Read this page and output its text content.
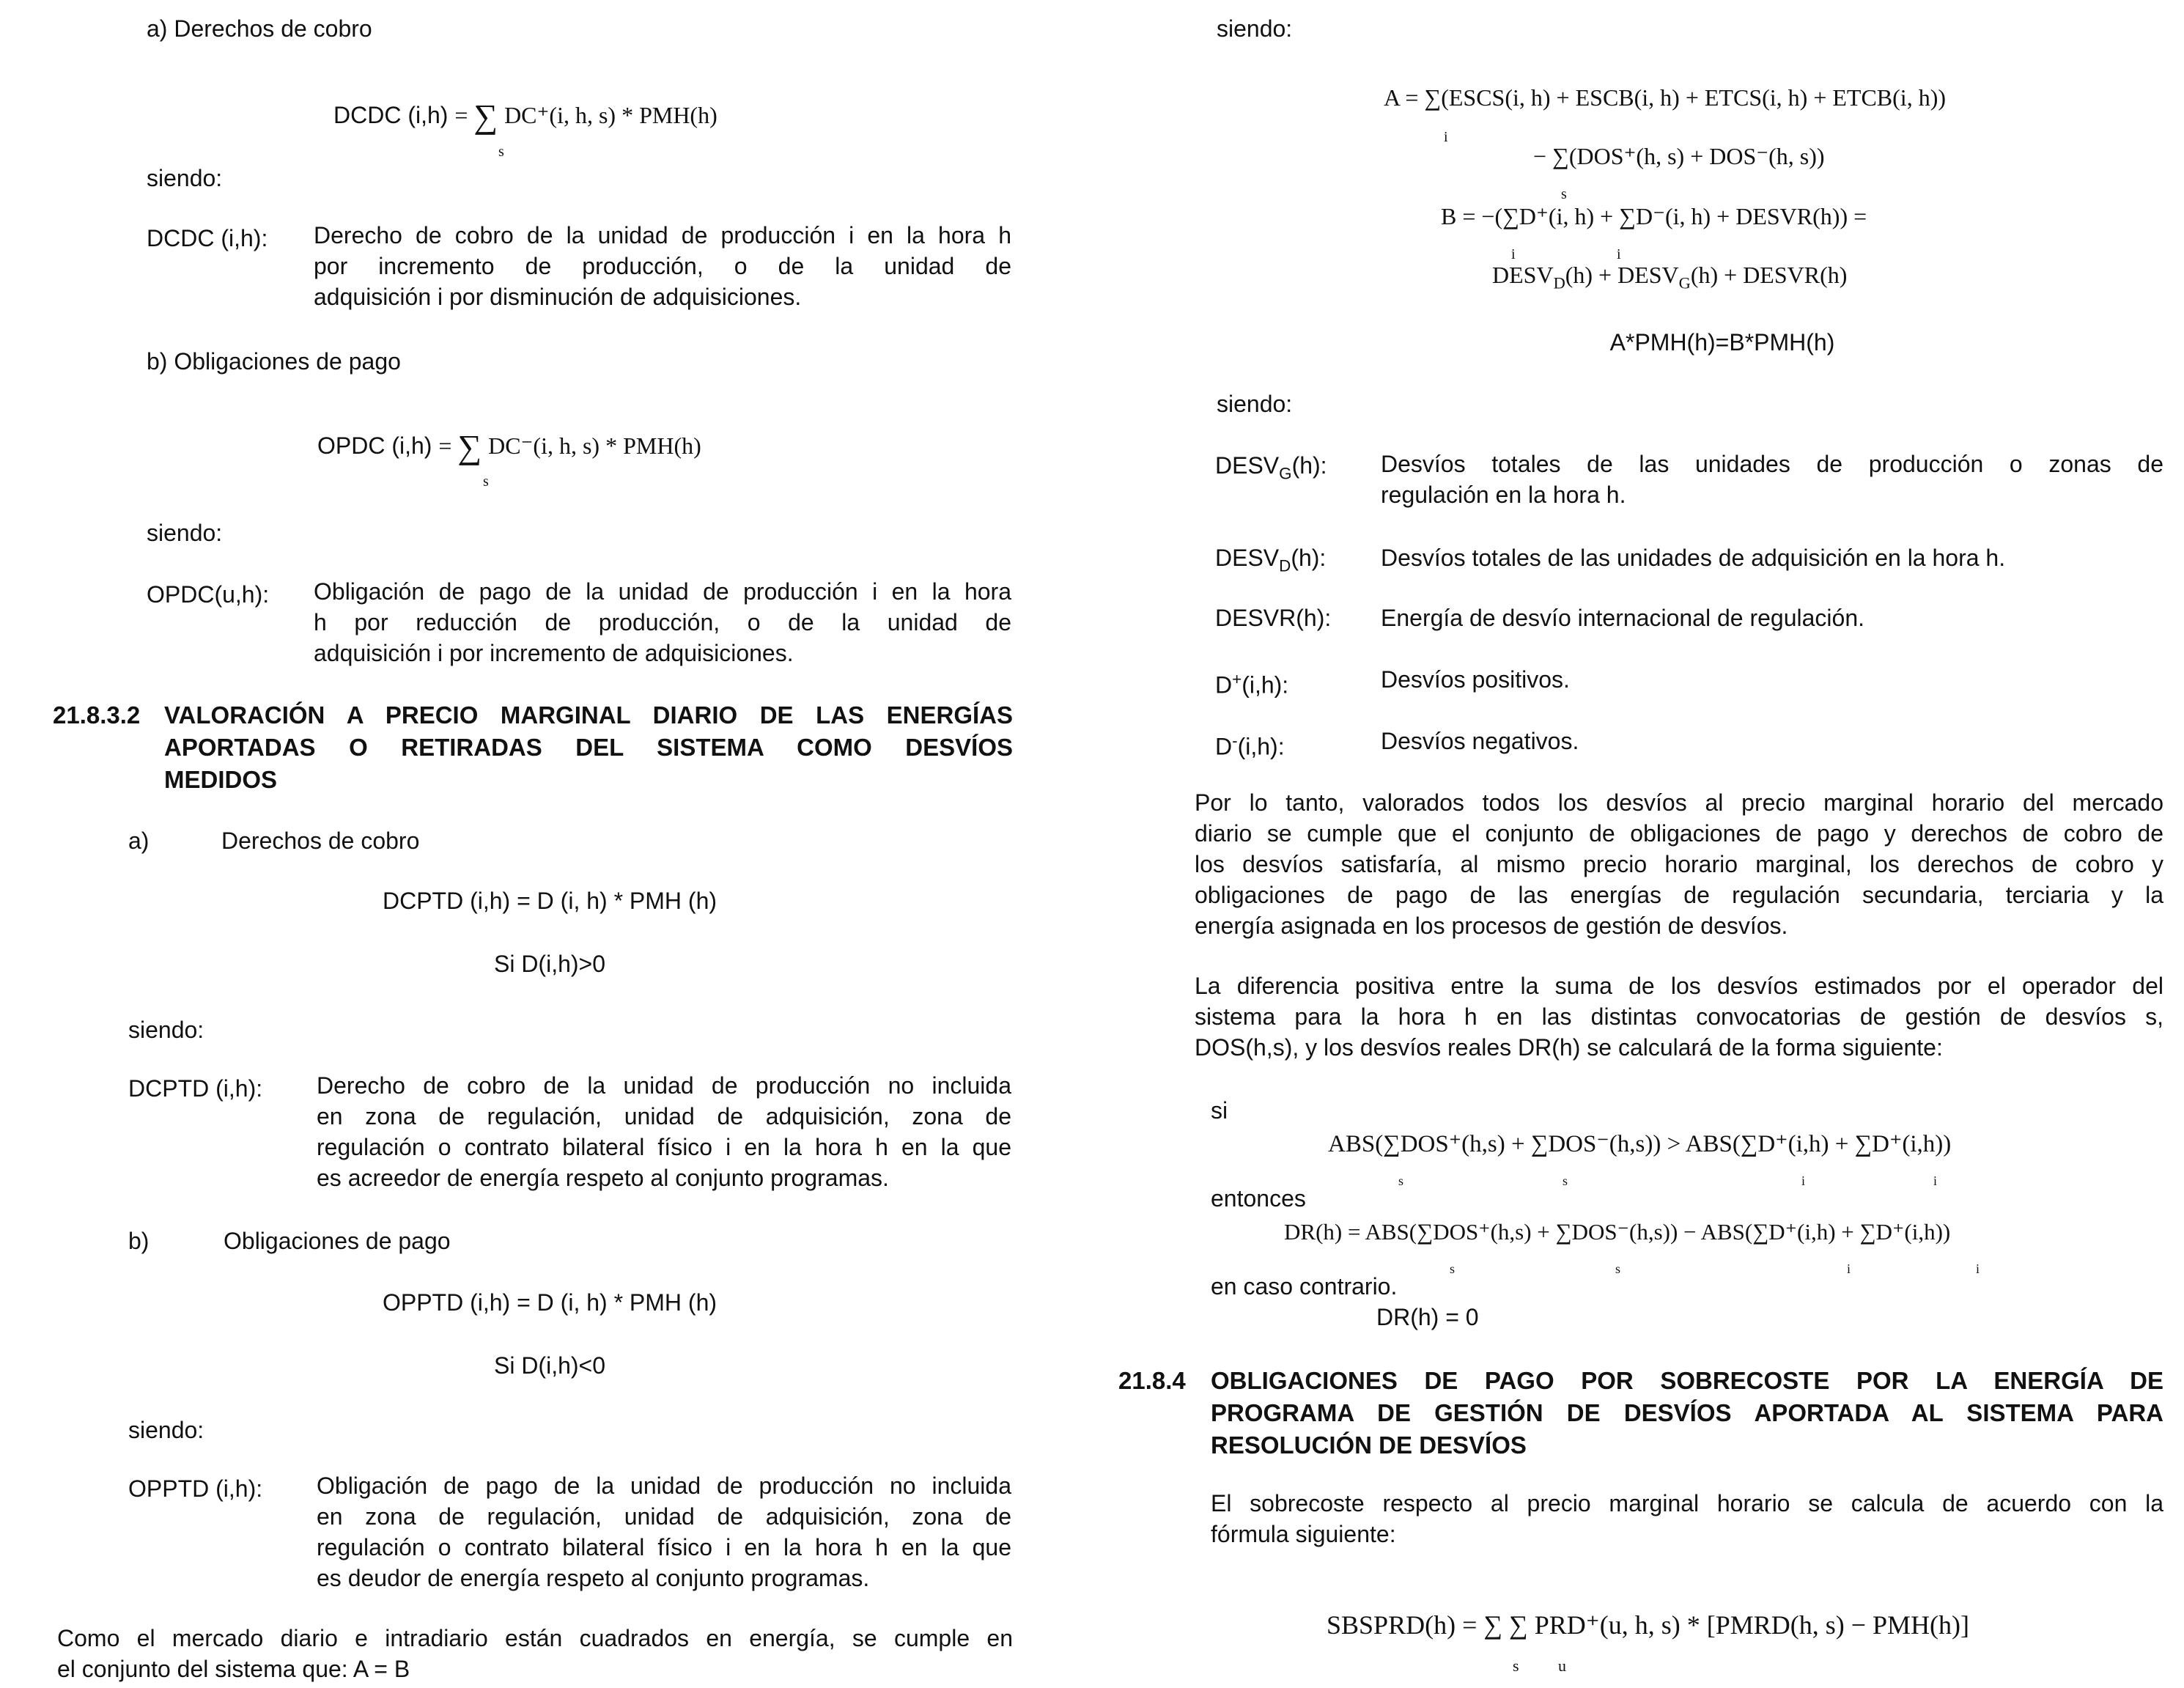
a) Derechos de cobro
DCDC (i,h) = ∑ DC⁺(i, h, s) * PMH(h)
s
siendo:
DCDC (i,h): Derecho de cobro de la unidad de producción i en la hora h
por incremento de producción, o de la unidad de
adquisición i por disminución de adquisiciones.
b) Obligaciones de pago
OPDC (i,h) = ∑ DC⁻(i, h, s) * PMH(h)
s
siendo:
OPDC(u,h): Obligación de pago de la unidad de producción i en la hora
h por reducción de producción, o de la unidad de
adquisición i por incremento de adquisiciones.
21.8.3.2 VALORACIÓN A PRECIO MARGINAL DIARIO DE LAS ENERGÍAS
APORTADAS O RETIRADAS DEL SISTEMA COMO DESVÍOS
MEDIDOS
a)	Derechos de cobro
DCPTD (i,h) = D (i, h) * PMH (h)
Si D(i,h)>0
siendo:
DCPTD (i,h): Derecho de cobro de la unidad de producción no incluida
en zona de regulación, unidad de adquisición, zona de
regulación o contrato bilateral físico i en la hora h en la que
es acreedor de energía respeto al conjunto programas.
b)	Obligaciones de pago
OPPTD (i,h) = D (i, h) * PMH (h)
Si D(i,h)<0
siendo:
OPPTD (i,h): Obligación de pago de la unidad de producción no incluida
en zona de regulación, unidad de adquisición, zona de
regulación o contrato bilateral físico i en la hora h en la que
es deudor de energía respeto al conjunto programas.
Como el mercado diario e intradiario están cuadrados en energía, se cumple en
el conjunto del sistema que: A = B
siendo:
A = ∑(ESCS(i, h) + ESCB(i, h) + ETCS(i, h) + ETCB(i, h))
i
− ∑(DOS⁺(h, s) + DOS⁻(h, s))
s
B = −(∑D⁺(i, h) + ∑D⁻(i, h) + DESVR(h)) =
i	i
$DESV_D(h)$ + $DESV_G(h)$ + DESVR(h)
A*PMH(h)=B*PMH(h)
siendo:
$DESV_G(h)$: Desvíos totales de las unidades de producción o zonas de
regulación en la hora h.
$DESV_D(h)$: Desvíos totales de las unidades de adquisición en la hora h.
DESVR(h): Energía de desvío internacional de regulación.
D+(i,h):	Desvíos positivos.
D-(i,h):	Desvíos negativos.
Por lo tanto, valorados todos los desvíos al precio marginal horario del mercado
diario se cumple que el conjunto de obligaciones de pago y derechos de cobro de
los desvíos satisfaría, al mismo precio horario marginal, los derechos de cobro y
obligaciones de pago de las energías de regulación secundaria, terciaria y la
energía asignada en los procesos de gestión de desvíos.
La diferencia positiva entre la suma de los desvíos estimados por el operador del
sistema para la hora h en las distintas convocatorias de gestión de desvíos s,
DOS(h,s), y los desvíos reales DR(h) se calculará de la forma siguiente:
si
ABS(∑DOS⁺(h,s) + ∑DOS⁻(h,s)) > ABS(∑D⁺(i,h) + ∑D⁺(i,h))
s	s	i	i
entonces
DR(h) = ABS(∑DOS⁺(h,s) + ∑DOS⁻(h,s)) − ABS(∑D⁺(i,h) + ∑D⁺(i,h))
s	s	i	i
en caso contrario.
DR(h) = 0
21.8.4 OBLIGACIONES DE PAGO POR SOBRECOSTE POR LA ENERGÍA DE
PROGRAMA DE GESTIÓN DE DESVÍOS APORTADA AL SISTEMA PARA
RESOLUCIÓN DE DESVÍOS
El sobrecoste respecto al precio marginal horario se calcula de acuerdo con la
fórmula siguiente:
SBSPRD(h) = ∑ ∑ PRD⁺(u, h, s) * [PMRD(h, s) − PMH(h)]
s u
